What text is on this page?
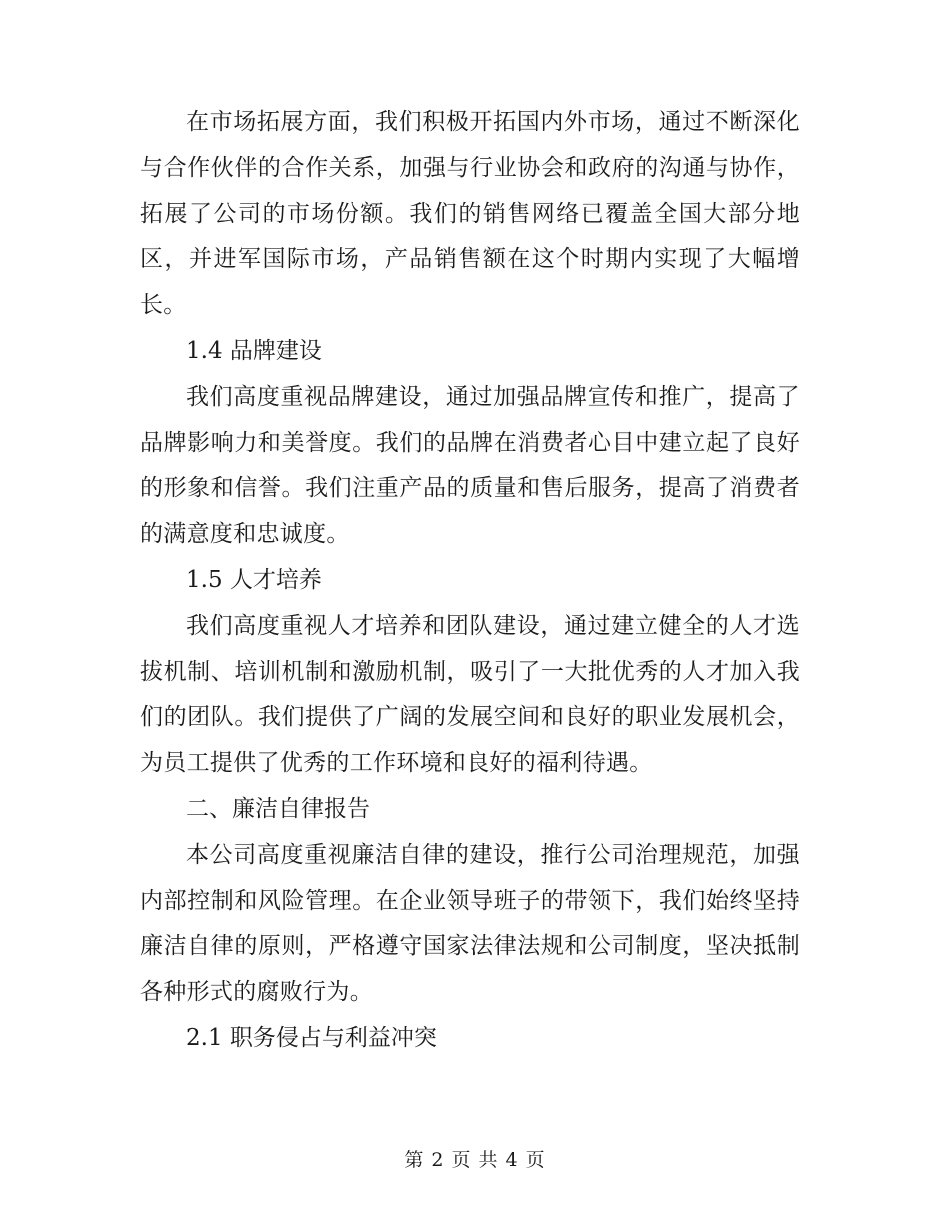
在市场拓展方面，我们积极开拓国内外市场，通过不断深化与合作伙伴的合作关系，加强与行业协会和政府的沟通与协作，拓展了公司的市场份额。我们的销售网络已覆盖全国大部分地区，并进军国际市场，产品销售额在这个时期内实现了大幅增长。

1.4 品牌建设

我们高度重视品牌建设，通过加强品牌宣传和推广，提高了品牌影响力和美誉度。我们的品牌在消费者心目中建立起了良好的形象和信誉。我们注重产品的质量和售后服务，提高了消费者的满意度和忠诚度。

1.5 人才培养

我们高度重视人才培养和团队建设，通过建立健全的人才选拔机制、培训机制和激励机制，吸引了一大批优秀的人才加入我们的团队。我们提供了广阔的发展空间和良好的职业发展机会，为员工提供了优秀的工作环境和良好的福利待遇。

二、廉洁自律报告

本公司高度重视廉洁自律的建设，推行公司治理规范，加强内部控制和风险管理。在企业领导班子的带领下，我们始终坚持廉洁自律的原则，严格遵守国家法律法规和公司制度，坚决抵制各种形式的腐败行为。

2.1 职务侵占与利益冲突

第 2 页 共 4 页
